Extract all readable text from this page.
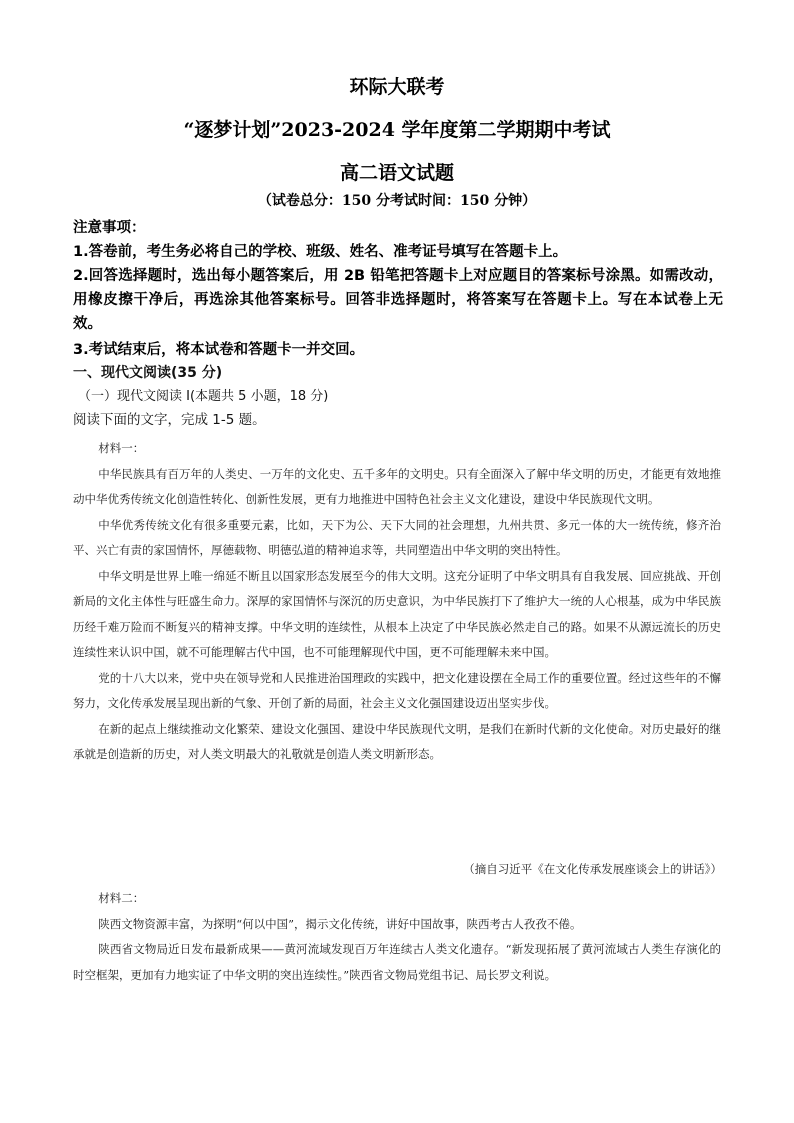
环际大联考
“逐梦计划”2023-2024 学年度第二学期期中考试
高二语文试题
（试卷总分：150 分考试时间：150 分钟）
注意事项：
1.答卷前，考生务必将自己的学校、班级、姓名、准考证号填写在答题卡上。
2.回答选择题时，选出每小题答案后，用 2B 铅笔把答题卡上对应题目的答案标号涂黑。如需改动，用橡皮擦干净后，再选涂其他答案标号。回答非选择题时，将答案写在答题卡上。写在本试卷上无效。
3.考试结束后，将本试卷和答题卡一并交回。
一、现代文阅读(35 分)
（一）现代文阅读 I(本题共 5 小题，18 分)
阅读下面的文字，完成 1-5 题。

材料一：

中华民族具有百万年的人类史、一万年的文化史、五千多年的文明史。只有全面深入了解中华文明的历史，才能更有效地推动中华优秀传统文化创造性转化、创新性发展，更有力地推进中国特色社会主义文化建设，建设中华民族现代文明。

中华优秀传统文化有很多重要元素，比如，天下为公、天下大同的社会理想，九州共贯、多元一体的大一统传统，修齐治平、兴亡有责的家国情怀，厚德载物、明德弘道的精神追求等，共同塑造出中华文明的突出特性。

中华文明是世界上唯一绵延不断且以国家形态发展至今的伟大文明。这充分证明了中华文明具有自我发展、回应挑战、开创新局的文化主体性与旺盛生命力。深厚的家国情怀与深沉的历史意识，为中华民族打下了维护大一统的人心根基，成为中华民族历经千难万险而不断复兴的精神支撑。中华文明的连续性，从根本上决定了中华民族必然走自己的路。如果不从源远流长的历史连续性来认识中国，就不可能理解古代中国，也不可能理解现代中国，更不可能理解未来中国。

党的十八大以来，党中央在领导党和人民推进治国理政的实践中，把文化建设摆在全局工作的重要位置。经过这些年的不懈努力，文化传承发展呈现出新的气象、开创了新的局面，社会主义文化强国建设迈出坚实步伐。

在新的起点上继续推动文化繁荣、建设文化强国、建设中华民族现代文明，是我们在新时代新的文化使命。对历史最好的继承就是创造新的历史，对人类文明最大的礼敬就是创造人类文明新形态。

（摘自习近平《在文化传承发展座谈会上的讲话》）

材料二：

陕西文物资源丰富，为探明“何以中国”，揭示文化传统，讲好中国故事，陕西考古人孜孜不倦。

陕西省文物局近日发布最新成果——黄河流域发现百万年连续古人类文化遗存。“新发现拓展了黄河流域古人类生存演化的时空框架，更加有力地实证了中华文明的突出连续性。”陕西省文物局党组书记、局长罗文利说。
